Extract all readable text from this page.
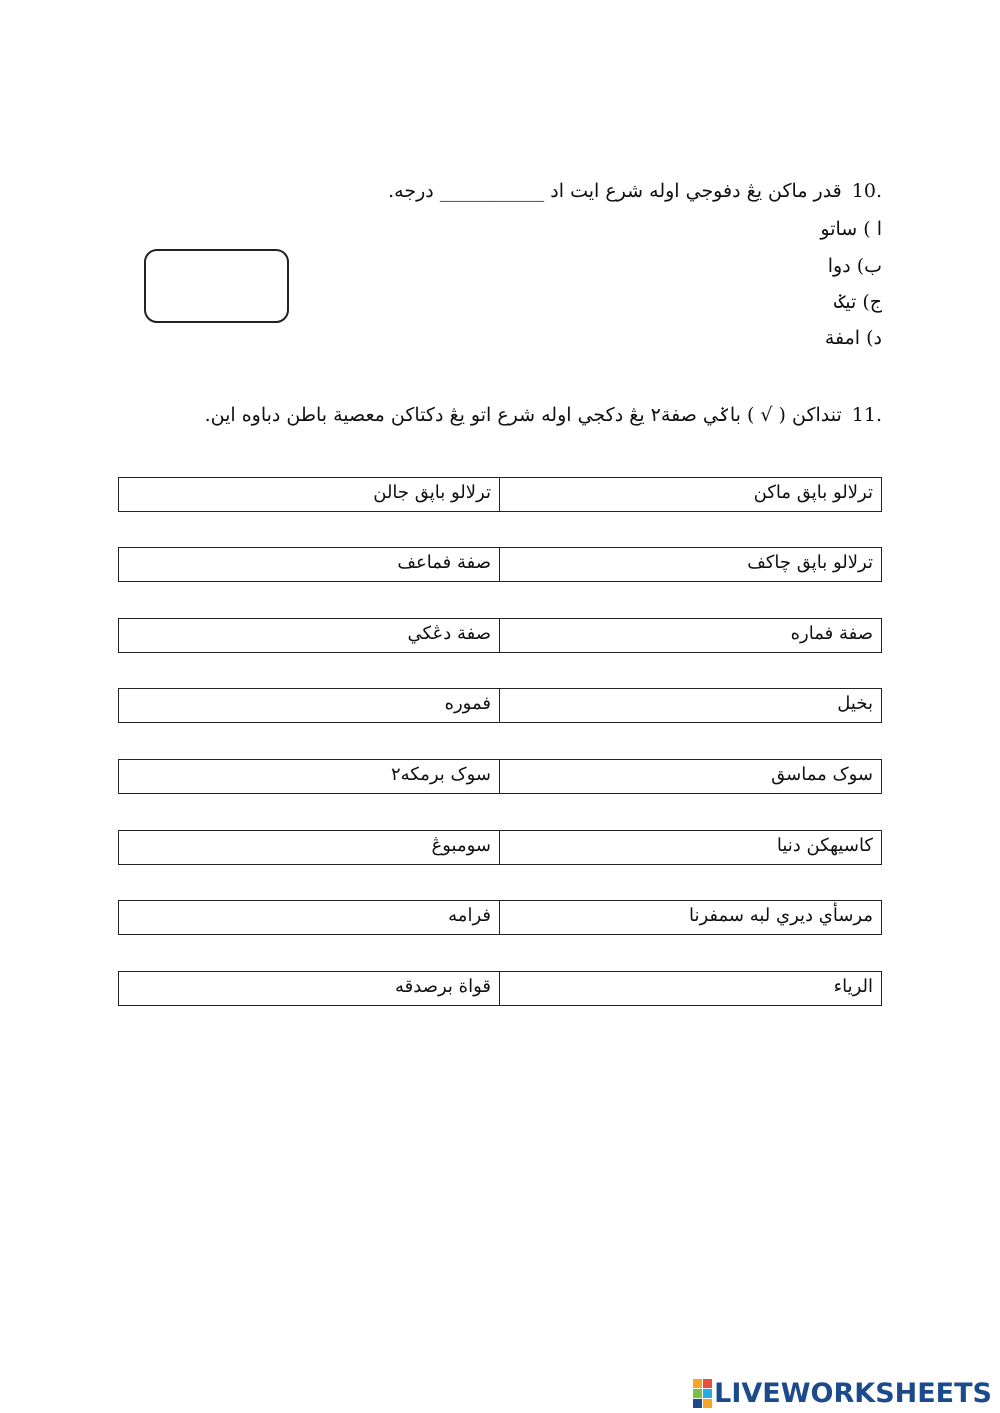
10.قدر ماکن يڠ دفوجي اوله شرع ايت اد ___________ درجه.
ا ) ساتو
ب) دوا
ج) تيݢ
د) امفة
11.تنداکن ( √ ) باݢي صفة٢ يڠ دکجي اوله شرع اتو يڠ دکتاکن معصية باطن دباوه اين.
ترلالو باڽق جالن	ترلالو باڽق ماکن
صفة فماعف	ترلالو باڽق چاکف
صفة دڠکي	صفة فماره
فموره	بخيل
سوک برمکه٢	سوک مماسق
سومبوڠ	کاسيهکن دنيا
فرامه	مرسأي ديري لبه سمفرنا
قواة برصدقه	الرياء
LIVEWORKSHEETS
